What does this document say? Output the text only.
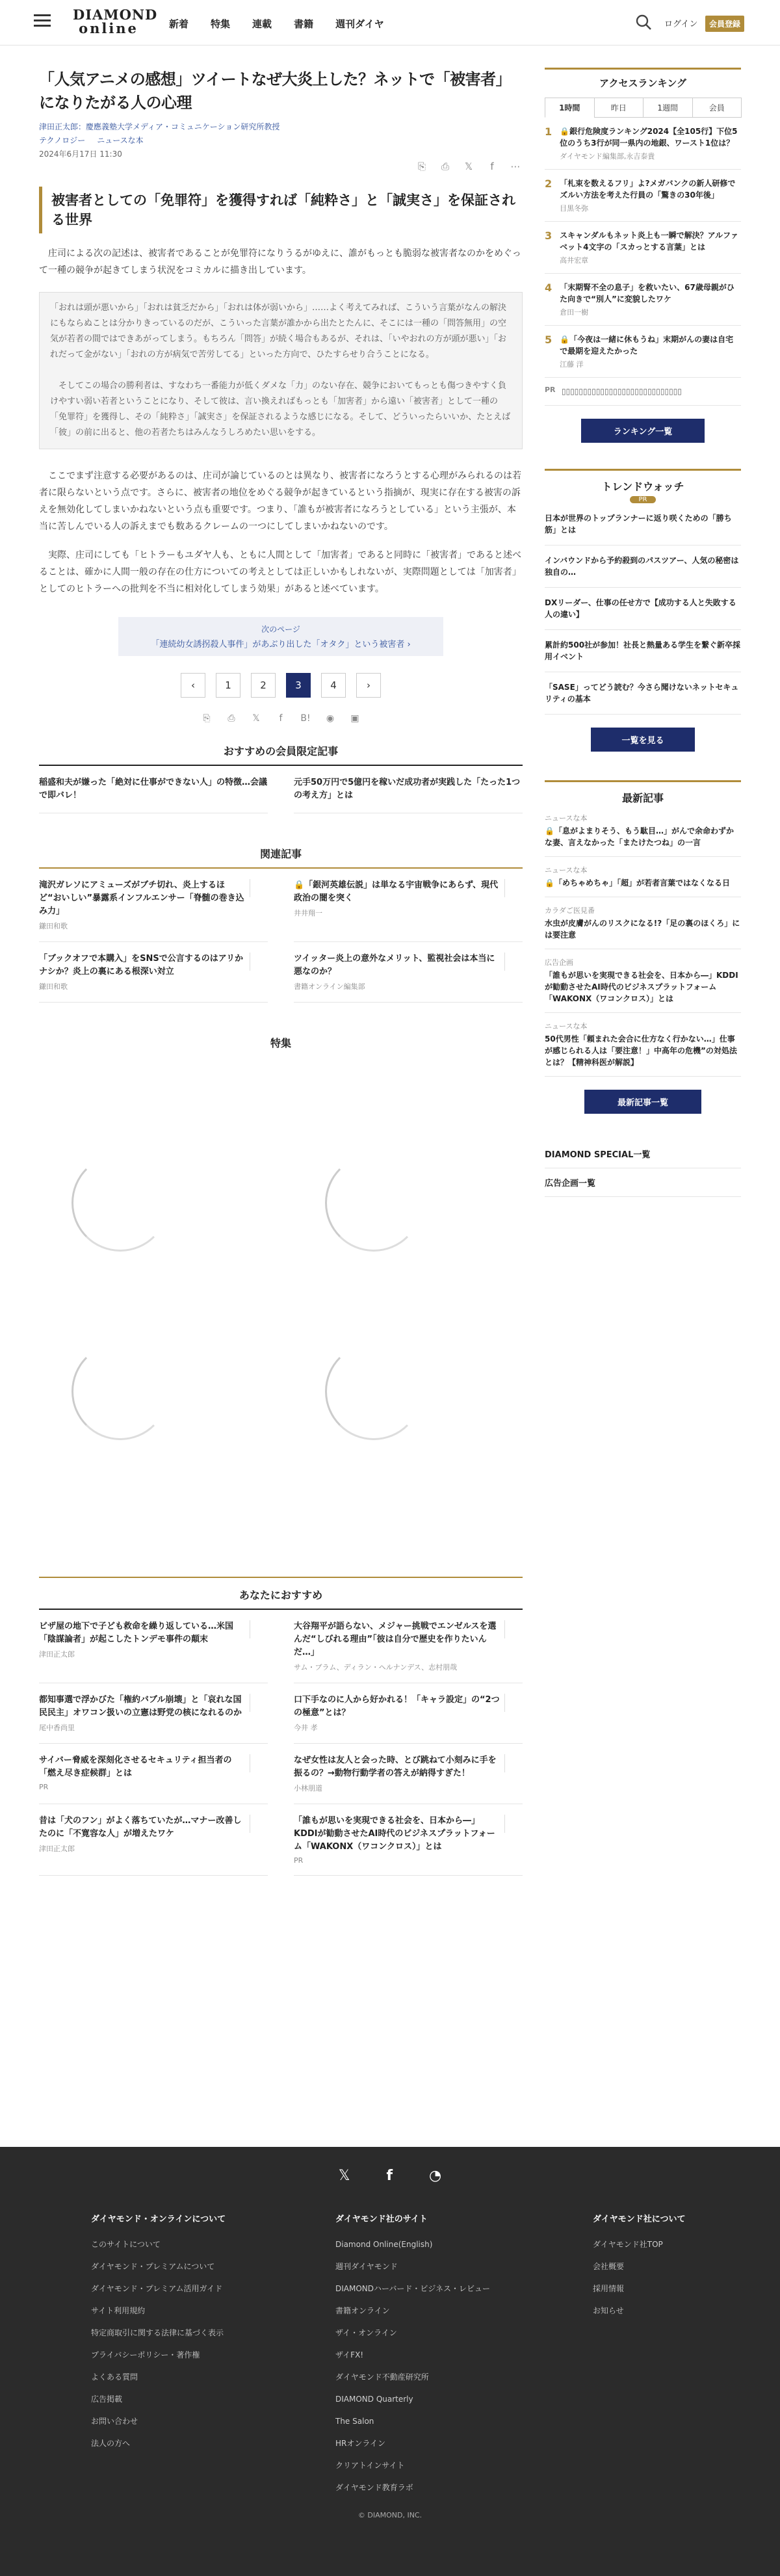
DIAMOND
online	新着 特集 連載 書籍 週刊ダイヤ	ログイン	会員登録
「人気アニメの感想」ツイートなぜ大炎上した？ネットで「被害者」になりたがる人の心理
津田正太郎：慶應義塾大学メディア・コミュニケーション研究所教授
テクノロジー ニュースな本
2024年6月17日 11:30
⎘	⎙	𝕏	f	⋯
被害者としての「免罪符」を獲得すれば「純粋さ」と「誠実さ」を保証される世界

　庄司による次の記述は、被害者であることが免罪符になりうるがゆえに、誰がもっとも脆弱な被害者なのかをめぐって一種の競争が起きてしまう状況をコミカルに描き出しています。

「おれは頭が悪いから」「おれは貧乏だから」「おれは体が弱いから」……よく考えてみれば、こういう言葉がなんの解決にもならぬことは分かりきっているのだが、こういった言葉が誰かから出たとたんに、そこには一種の「問答無用」の空気が若者の間ではできあがってしまう。もちろん「問答」が続く場合もあるが、それは、「いやおれの方が頭が悪い」「おれだって金がない」「おれの方が病気で苦労してる」といった方向で、ひたすらせり合うことになる。

　そしてこの場合の勝利者は、すなわち一番能力が低くダメな「力」のない存在、競争においてもっとも傷つきやすく負けやすい弱い若者ということになり、そして彼は、言い換えればもっとも「加害者」から遠い「被害者」として一種の「免罪符」を獲得し、その「純粋さ」「誠実さ」を保証されるような感じになる。そして、どういったらいいか、たとえば「彼」の前に出ると、他の若者たちはみんなうしろめたい思いをする。

　ここでまず注意する必要があるのは、庄司が論じているのとは異なり、被害者になろうとする心理がみられるのは若者に限らないという点です。さらに、被害者の地位をめぐる競争が起きているという指摘が、現実に存在する被害の訴えを無効化してしまいかねないという点も重要です。つまり、「誰もが被害者になろうとしている」という主張が、本当に苦しんでいる人の訴えまでも数あるクレームの一つにしてしまいかねないのです。

　実際、庄司にしても「ヒトラーもユダヤ人も、ともに人間として「加害者」であると同時に「被害者」であると述べることは、確かに人間一般の存在の仕方についての考えとしては正しいかもしれないが、実際問題としては「加害者」としてのヒトラーへの批判を不当に相対化してしまう効果」があると述べています。

次のページ
「連続幼女誘拐殺人事件」があぶり出した「オタク」という被害者 ›
‹	1	2	3	4	›
⎘	⎙	𝕏	f	B!	◉	▣
おすすめの会員限定記事
稲盛和夫が嫌った「絶対に仕事ができない人」の特徴…会議で即バレ！
元手50万円で5億円を稼いだ成功者が実践した「たった1つの考え方」とは
関連記事
滝沢ガレソにアミューズがブチ切れ、炎上するほど“おいしい”暴露系インフルエンサー「脊髄の巻き込み力」
鎌田和歌
🔒「銀河英雄伝説」は単なる宇宙戦争にあらず、現代政治の闇を突く
井井翔一
「ブックオフで本購入」をSNSで公言するのはアリかナシか？炎上の裏にある根深い対立
鎌田和歌
ツイッター炎上の意外なメリット、監視社会は本当に悪なのか？
書籍オンライン編集部
特集
あなたにおすすめ
ビザ屋の地下で子ども救命を繰り返している…米国「陰謀論者」が起こしたトンデモ事件の顛末
津田正太郎
大谷翔平が語らない、メジャー挑戦でエンゼルスを選んだ“しびれる理由”「彼は自分で歴史を作りたいんだ…」
サム・ブラム、ディラン・ヘルナンデス、志村朋哉
都知事選で浮かびた「権約バブル崩壊」と「哀れな国民民主」オワコン扱いの立憲は野党の核になれるのか
尾中香尚里
口下手なのに人から好かれる！「キャラ設定」の“2つの極意”とは？
今井 孝
サイバー脅威を深刻化させるセキュリティ担当者の「燃え尽き症候群」とは
PR
なぜ女性は友人と会った時、とび跳ねて小刻みに手を振るの？→動物行動学者の答えが納得すぎた！
小林朋道
昔は「犬のフン」がよく落ちていたが…マナー改善したのに「不寛容な人」が増えたワケ
津田正太郎
「誰もが思いを実現できる社会を、日本から―」KDDIが勧動させたAI時代のビジネスプラットフォーム「WAKONX（ワコンクロス）」とは
PR
アクセスランキング
1時間	昨日	1週間	会員
1 🔒銀行危険度ランキング2024【全105行】下位5位のうち3行が同一県内の地銀、ワースト1位は？
ダイヤモンド編集部,永吉泰貴
2 「札束を数えるフリ」よ?メガバンクの新人研修でズルい方法を考えた行員の「驚きの30年後」
目黒冬弥
3 スキャンダルもネット炎上も一瞬で解決？アルファベット4文字の「スカっとする言葉」とは
高井宏章
4 「末期腎不全の息子」を救いたい、67歳母親がひた向きで“別人”に変貌したワケ
倉田一樹
5 🔒「今夜は一緒に休もうね」末期がんの妻は自宅で最期を迎えたかった
江藤 洋
PR ▯▯▯▯▯▯▯▯▯▯▯▯▯▯▯▯▯▯▯▯▯▯▯▯▯▯▯▯
ランキング一覧
トレンドウォッチ
PR
日本が世界のトップランナーに返り咲くための「勝ち筋」とは
インバウンドから予約殺到のパスツアー、人気の秘密は独自の…
DXリーダー、仕事の任せ方で【成功する人と失敗する人の違い】
累計約500社が参加！社長と熱量ある学生を繋ぐ新卒採用イベント
「SASE」ってどう読む？今さら聞けないネットセキュリティの基本
一覧を見る
最新記事
ニュースな本
🔒「息がよまりそう、もう駄目…」がんで余命わずかな妻、言えなかった「またけたつね」の一言
ニュースな本
🔒「めちゃめちゃ」「超」が若者言葉ではなくなる日
カラダご医見番
水虫が皮膚がんのリスクになる!?「足の裏のほくろ」には要注意
広告企画
「誰もが思いを実現できる社会を、日本から―」KDDIが勧動させたAI時代のビジネスプラットフォーム「WAKONX（ワコンクロス）」とは
ニュースな本
50代男性「頼まれた会合に仕方なく行かない…」仕事が感じられる人は「要注意！」中高年の危機”の対処法とは？【精神科医が解説】
最新記事一覧
DIAMOND SPECIAL一覧
広告企画一覧
𝕏	f	◔
ダイヤモンド・オンラインについて
このサイトについて
ダイヤモンド・プレミアムについて
ダイヤモンド・プレミアム活用ガイド
サイト利用規約
特定商取引に関する法律に基づく表示
プライバシーポリシー・著作権
よくある質問
広告掲載
お問い合わせ
法人の方へ
ダイヤモンド社のサイト
Diamond Online(English)
週刊ダイヤモンド
DIAMONDハーバード・ビジネス・レビュー
書籍オンライン
ザイ・オンライン
ザイFX!
ダイヤモンド不動産研究所
DIAMOND Quarterly
The Salon
HRオンライン
クリアトインサイト
ダイヤモンド教育ラボ
ダイヤモンド社について
ダイヤモンド社TOP
会社概要
採用情報
お知らせ
© DIAMOND, INC.
